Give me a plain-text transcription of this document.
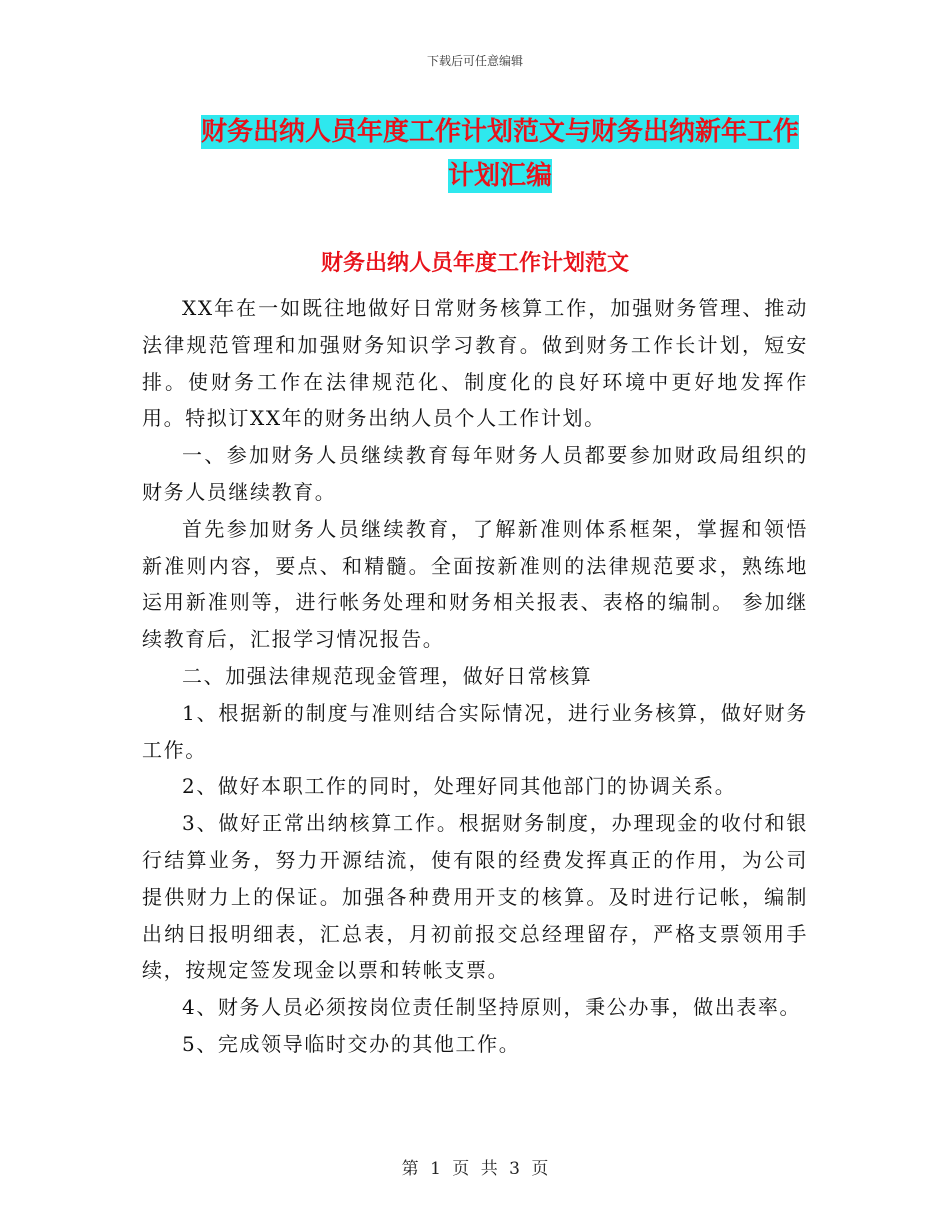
下载后可任意编辑
财务出纳人员年度工作计划范文与财务出纳新年工作计划汇编
财务出纳人员年度工作计划范文

XX年在一如既往地做好日常财务核算工作，加强财务管理、推动法律规范管理和加强财务知识学习教育。做到财务工作长计划，短安排。使财务工作在法律规范化、制度化的良好环境中更好地发挥作用。特拟订XX年的财务出纳人员个人工作计划。

一、参加财务人员继续教育每年财务人员都要参加财政局组织的财务人员继续教育。

首先参加财务人员继续教育，了解新准则体系框架，掌握和领悟新准则内容，要点、和精髓。全面按新准则的法律规范要求，熟练地运用新准则等，进行帐务处理和财务相关报表、表格的编制。 参加继续教育后，汇报学习情况报告。

二、加强法律规范现金管理，做好日常核算

1、根据新的制度与准则结合实际情况，进行业务核算，做好财务工作。

2、做好本职工作的同时，处理好同其他部门的协调关系。

3、做好正常出纳核算工作。根据财务制度，办理现金的收付和银行结算业务，努力开源结流，使有限的经费发挥真正的作用，为公司提供财力上的保证。加强各种费用开支的核算。及时进行记帐，编制出纳日报明细表，汇总表，月初前报交总经理留存，严格支票领用手续，按规定签发现金以票和转帐支票。

4、财务人员必须按岗位责任制坚持原则，秉公办事，做出表率。

5、完成领导临时交办的其他工作。

第 1 页 共 3 页
